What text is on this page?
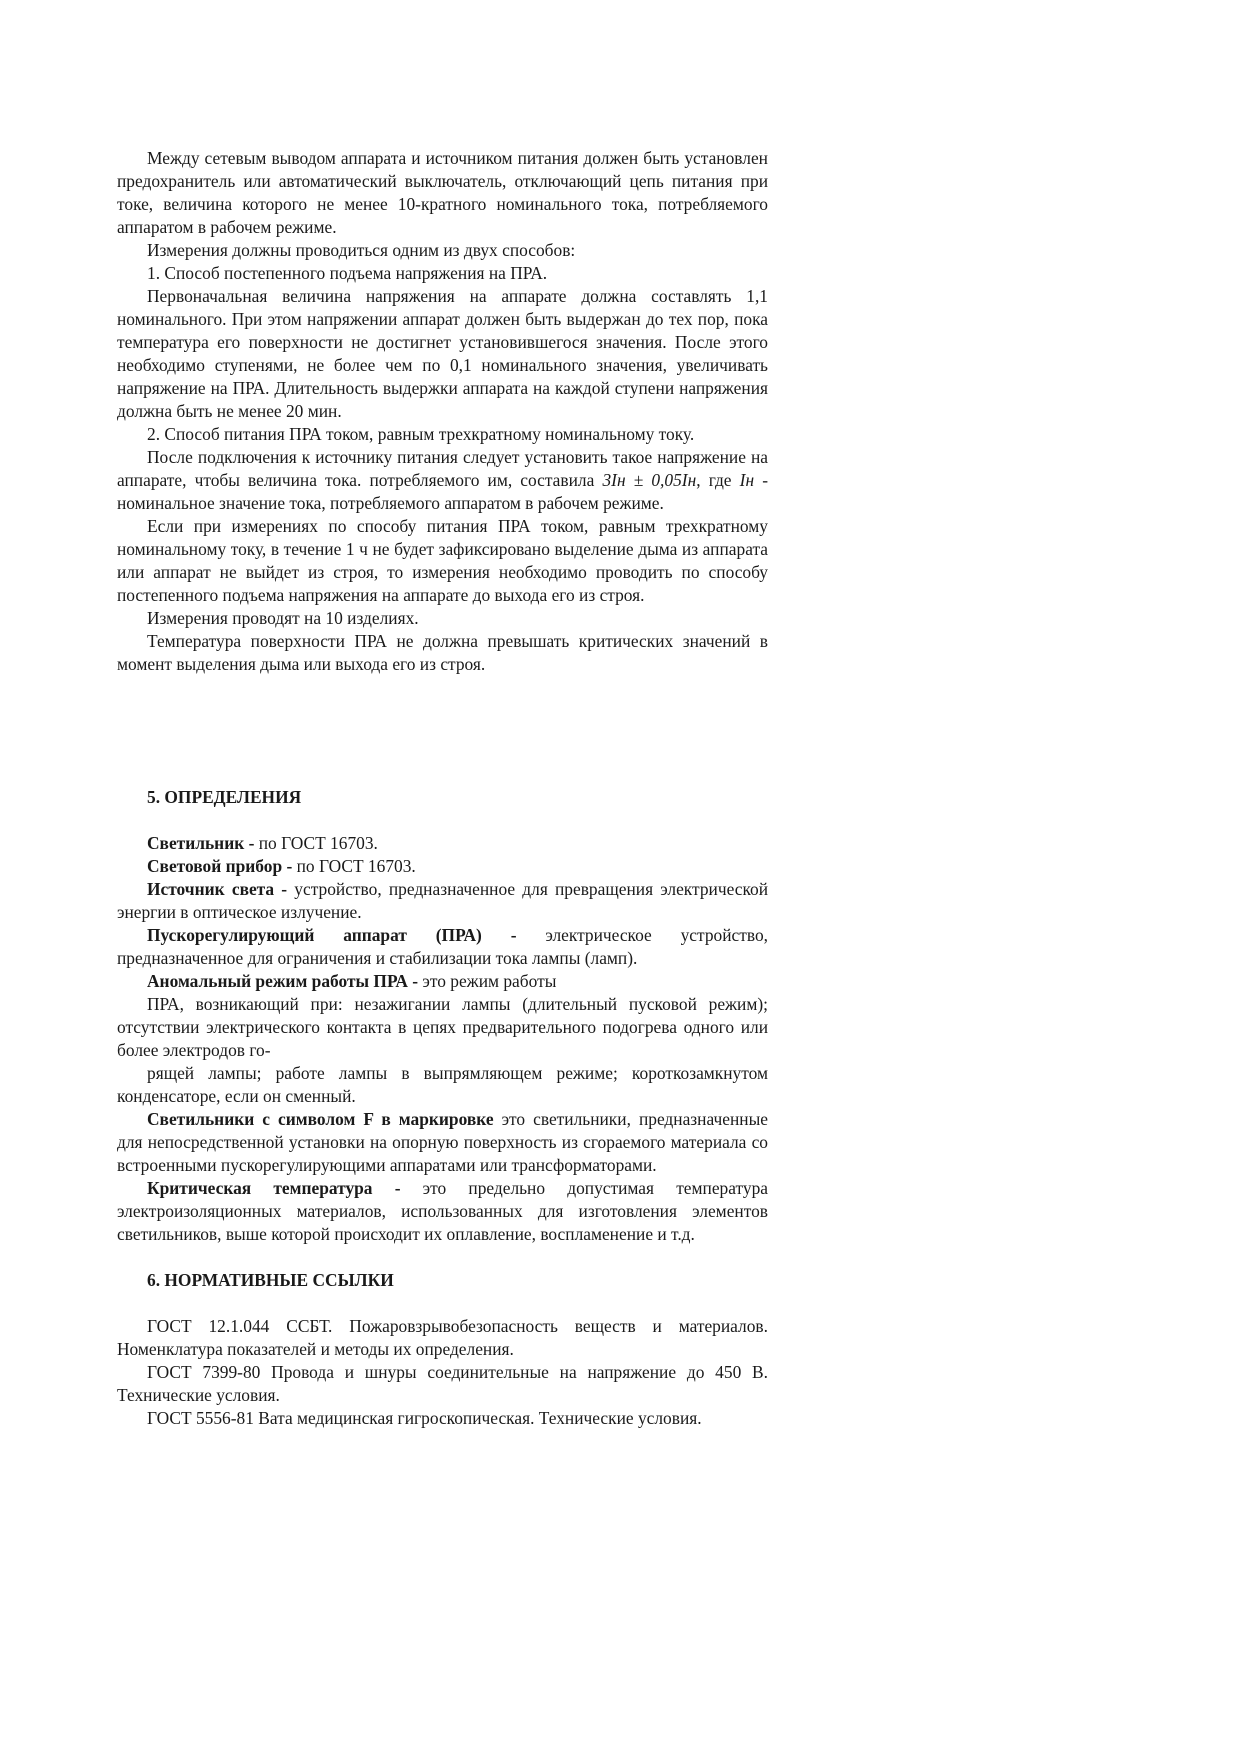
Между сетевым выводом аппарата и источником питания должен быть установлен предохранитель или автоматический выключатель, отключающий цепь питания при токе, величина которого не менее 10-кратного номинального тока, потребляемого аппаратом в рабочем режиме.

Измерения должны проводиться одним из двух способов:

1. Способ постепенного подъема напряжения на ПРА.

Первоначальная величина напряжения на аппарате должна составлять 1,1 номинального. При этом напряжении аппарат должен быть выдержан до тех пор, пока температура его поверхности не достигнет установившегося значения. После этого необходимо ступенями, не более чем по 0,1 номинального значения, увеличивать напряжение на ПРА. Длительность выдержки аппарата на каждой ступени напряжения должна быть не менее 20 мин.

2. Способ питания ПРА током, равным трехкратному номинальному току.

После подключения к источнику питания следует установить такое напряжение на аппарате, чтобы величина тока. потребляемого им, составила 3Iн ± 0,05Iн, где Iн - номинальное значение тока, потребляемого аппаратом в рабочем режиме.

Если при измерениях по способу питания ПРА током, равным трехкратному номинальному току, в течение 1 ч не будет зафиксировано выделение дыма из аппарата или аппарат не выйдет из строя, то измерения необходимо проводить по способу постепенного подъема напряжения на аппарате до выхода его из строя.

Измерения проводят на 10 изделиях.

Температура поверхности ПРА не должна превышать критических значений в момент выделения дыма или выхода его из строя.

5. ОПРЕДЕЛЕНИЯ

Светильник - по ГОСТ 16703.

Световой прибор - по ГОСТ 16703.

Источник света - устройство, предназначенное для превращения электрической энергии в оптическое излучение.

Пускорегулирующий аппарат (ПРА) - электрическое устройство, предназначенное для ограничения и стабилизации тока лампы (ламп).

Аномальный режим работы ПРА - это режим работы

ПРА, возникающий при: незажигании лампы (длительный пусковой режим); отсутствии электрического контакта в цепях предварительного подогрева одного или более электродов го-

рящей лампы; работе лампы в выпрямляющем режиме; короткозамкнутом конденсаторе, если он сменный.

Светильники с символом F в маркировке это светильники, предназначенные для непосредственной установки на опорную поверхность из сгораемого материала со встроенными пускорегулирующими аппаратами или трансформаторами.

Критическая температура - это предельно допустимая температура электроизоляционных материалов, использованных для изготовления элементов светильников, выше которой происходит их оплавление, воспламенение и т.д.

6. НОРМАТИВНЫЕ ССЫЛКИ

ГОСТ 12.1.044 ССБТ. Пожаровзрывобезопасность веществ и материалов. Номенклатура показателей и методы их определения.

ГОСТ 7399-80 Провода и шнуры соединительные на напряжение до 450 В. Технические условия.

ГОСТ 5556-81 Вата медицинская гигроскопическая. Технические условия.
